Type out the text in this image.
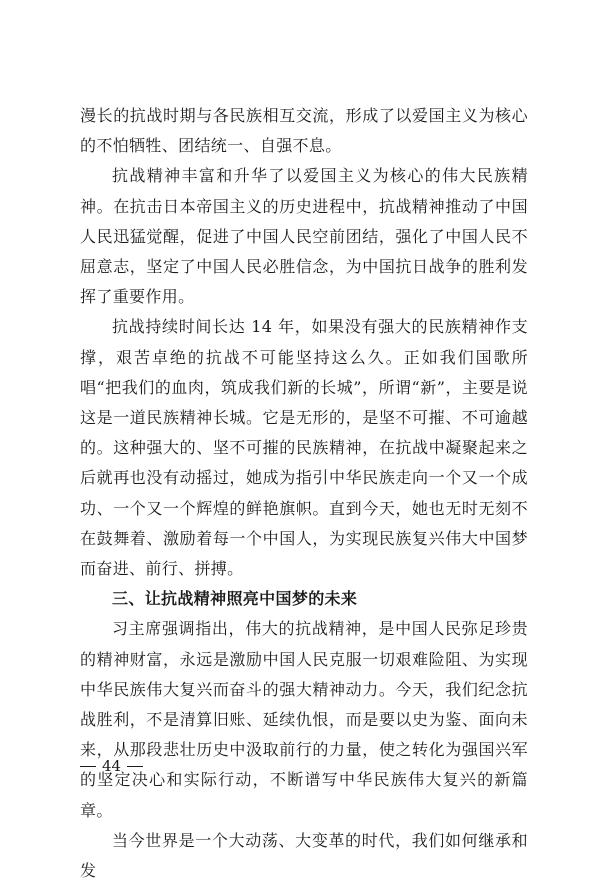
漫长的抗战时期与各民族相互交流，形成了以爱国主义为核心的不怕牺牲、团结统一、自强不息。

抗战精神丰富和升华了以爱国主义为核心的伟大民族精神。在抗击日本帝国主义的历史进程中，抗战精神推动了中国人民迅猛觉醒，促进了中国人民空前团结，强化了中国人民不屈意志，坚定了中国人民必胜信念，为中国抗日战争的胜利发挥了重要作用。

抗战持续时间长达 14 年，如果没有强大的民族精神作支撑，艰苦卓绝的抗战不可能坚持这么久。正如我们国歌所唱“把我们的血肉，筑成我们新的长城”，所谓“新”，主要是说这是一道民族精神长城。它是无形的，是坚不可摧、不可逾越的。这种强大的、坚不可摧的民族精神，在抗战中凝聚起来之后就再也没有动摇过，她成为指引中华民族走向一个又一个成功、一个又一个辉煌的鲜艳旗帜。直到今天，她也无时无刻不在鼓舞着、激励着每一个中国人，为实现民族复兴伟大中国梦而奋进、前行、拼搏。

三、让抗战精神照亮中国梦的未来

习主席强调指出，伟大的抗战精神，是中国人民弥足珍贵的精神财富，永远是激励中国人民克服一切艰难险阻、为实现中华民族伟大复兴而奋斗的强大精神动力。今天，我们纪念抗战胜利，不是清算旧账、延续仇恨，而是要以史为鉴、面向未来，从那段悲壮历史中汲取前行的力量，使之转化为强国兴军的坚定决心和实际行动，不断谱写中华民族伟大复兴的新篇章。

当今世界是一个大动荡、大变革的时代，我们如何继承和发

44
